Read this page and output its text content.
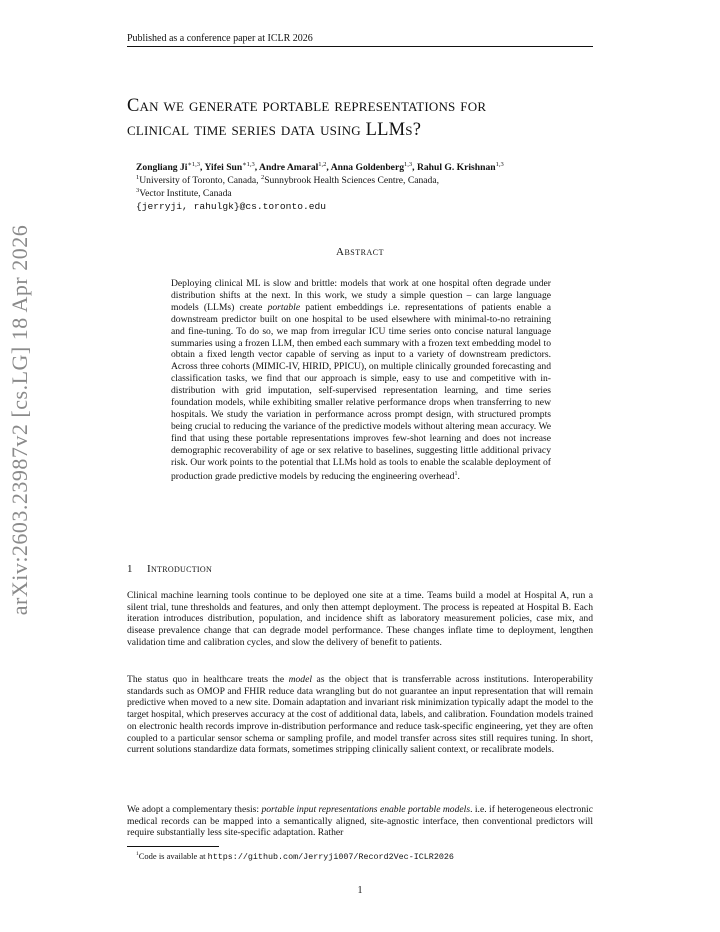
Published as a conference paper at ICLR 2026
arXiv:2603.23987v2 [cs.LG] 18 Apr 2026
Can we generate portable representations for
clinical time series data using LLMs?
Zongliang $Ji^{∗1,3}$, Yifei Sun$^{∗1,3}$, Andre Amaral$^{1,2}$, Anna Goldenberg$^{1,3}$, Rahul G. Krishnan$^{1,3}$
$^1$University of Toronto, Canada, $^2$Sunnybrook Health Sciences Centre, Canada,
$^3$Vector Institute, Canada
{jerryji, rahulgk}@cs.toronto.edu
Abstract
Deploying clinical ML is slow and brittle: models that work at one hospital often degrade under distribution shifts at the next. In this work, we study a simple question – can large language models (LLMs) create portable patient embeddings i.e. representations of patients enable a downstream predictor built on one hospital to be used elsewhere with minimal-to-no retraining and fine-tuning. To do so, we map from irregular ICU time series onto concise natural language summaries using a frozen LLM, then embed each summary with a frozen text embedding model to obtain a fixed length vector capable of serving as input to a variety of downstream predictors. Across three cohorts (MIMIC-IV, HIRID, PPICU), on multiple clinically grounded forecasting and classification tasks, we find that our approach is simple, easy to use and competitive with in-distribution with grid imputation, self-supervised representation learning, and time series foundation models, while exhibiting smaller relative performance drops when transferring to new hospitals. We study the variation in performance across prompt design, with structured prompts being crucial to reducing the variance of the predictive models without altering mean accuracy. We find that using these portable representations improves few-shot learning and does not increase demographic recoverability of age or sex relative to baselines, suggesting little additional privacy risk. Our work points to the potential that LLMs hold as tools to enable the scalable deployment of production grade predictive models by reducing the engineering overhead$^1$.
1 Introduction
Clinical machine learning tools continue to be deployed one site at a time. Teams build a model at Hospital A, run a silent trial, tune thresholds and features, and only then attempt deployment. The process is repeated at Hospital B. Each iteration introduces distribution, population, and incidence shift as laboratory measurement policies, case mix, and disease prevalence change that can degrade model performance. These changes inflate time to deployment, lengthen validation time and calibration cycles, and slow the delivery of benefit to patients.
The status quo in healthcare treats the model as the object that is transferrable across institutions. Interoperability standards such as OMOP and FHIR reduce data wrangling but do not guarantee an input representation that will remain predictive when moved to a new site. Domain adaptation and invariant risk minimization typically adapt the model to the target hospital, which preserves accuracy at the cost of additional data, labels, and calibration. Foundation models trained on electronic health records improve in-distribution performance and reduce task-specific engineering, yet they are often coupled to a particular sensor schema or sampling profile, and model transfer across sites still requires tuning. In short, current solutions standardize data formats, sometimes stripping clinically salient context, or recalibrate models.
We adopt a complementary thesis: portable input representations enable portable models. i.e. if heterogeneous electronic medical records can be mapped into a semantically aligned, site-agnostic interface, then conventional predictors will require substantially less site-specific adaptation. Rather
$^1$Code is available at https://github.com/Jerryji007/Record2Vec-ICLR2026
1
